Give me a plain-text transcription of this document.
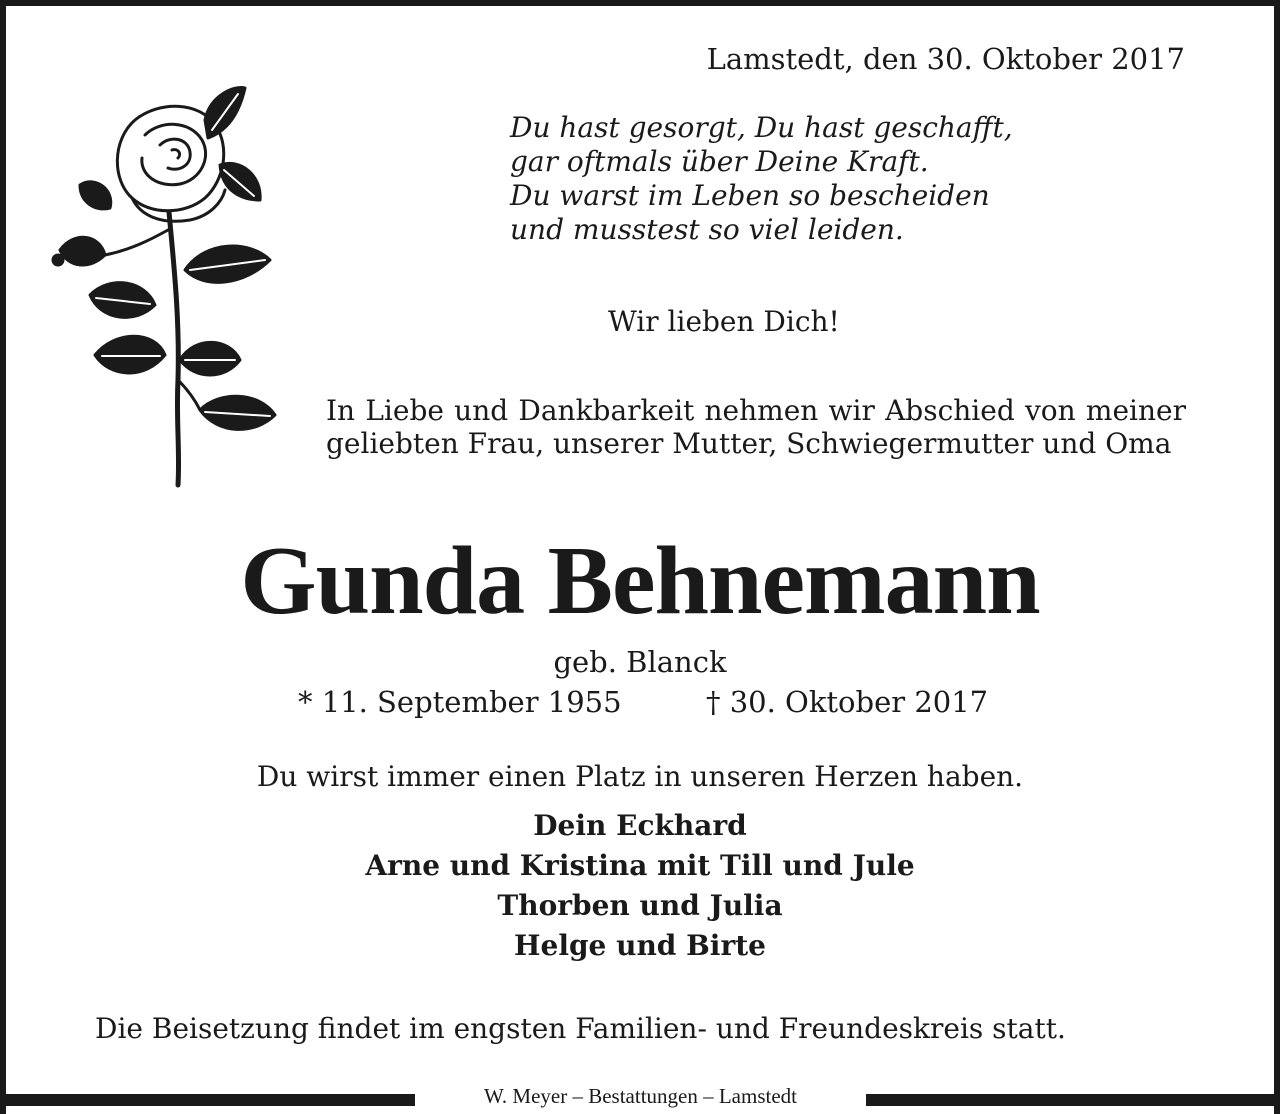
Lamstedt, den 30. Oktober 2017
Du hast gesorgt, Du hast geschafft,
gar oftmals über Deine Kraft.
Du warst im Leben so bescheiden
und musstest so viel leiden.
Wir lieben Dich!
In Liebe und Dankbarkeit nehmen wir Abschied von meiner geliebten Frau, unserer Mutter, Schwiegermutter und Oma
Gunda Behnemann
geb. Blanck
* 11. September 1955	† 30. Oktober 2017
Du wirst immer einen Platz in unseren Herzen haben.
Dein Eckhard
Arne und Kristina mit Till und Jule
Thorben und Julia
Helge und Birte
Die Beisetzung findet im engsten Familien- und Freundeskreis statt.
W. Meyer – Bestattungen – Lamstedt
